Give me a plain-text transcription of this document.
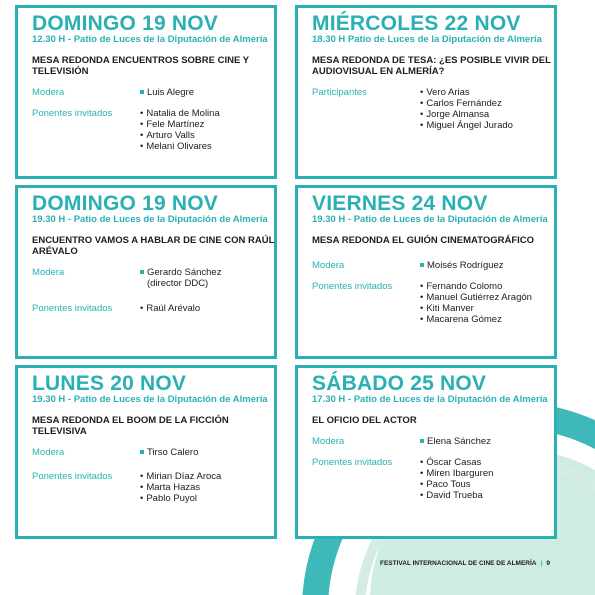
DOMINGO 19 NOV
12.30 H - Patio de Luces de la Diputación de Almería
MESA REDONDA ENCUENTROS SOBRE CINE Y TELEVISIÓN
Modera	Luis Alegre
Ponentes invitados	• Natalia de Molina
• Fele Martínez
• Arturo Valls
• Melani Olivares
MIÉRCOLES 22 NOV
18.30 H Patio de Luces de la Diputación de Almería
MESA REDONDA DE TESA: ¿ES POSIBLE VIVIR DEL AUDIOVISUAL EN ALMERÍA?
Participantes	• Vero Arias
• Carlos Fernández
• Jorge Almansa
• Miguel Ángel Jurado
DOMINGO 19 NOV
19.30 H - Patio de Luces de la Diputación de Almería
ENCUENTRO VAMOS A HABLAR DE CINE CON RAÚL ARÉVALO
Modera	Gerardo Sánchez
(director DDC)
Ponentes invitados	• Raúl Arévalo
VIERNES 24 NOV
19.30 H - Patio de Luces de la Diputación de Almería
MESA REDONDA EL GUIÓN CINEMATOGRÁFICO
Modera	Moisés Rodríguez
Ponentes invitados	• Fernando Colomo
• Manuel Gutiérrez Aragón
• Kiti Manver
• Macarena Gómez
LUNES 20 NOV
19.30 H - Patio de Luces de la Diputación de Almería
MESA REDONDA EL BOOM DE LA FICCIÓN TELEVISIVA
Modera	Tirso Calero
Ponentes invitados	• Mirian Díaz Aroca
• Marta Hazas
• Pablo Puyol
SÁBADO 25 NOV
17.30 H - Patio de Luces de la Diputación de Almería
EL OFICIO DEL ACTOR
Modera	Elena Sánchez
Ponentes invitados	• Óscar Casas
• Miren Ibarguren
• Paco Tous
• David Trueba
FESTIVAL INTERNACIONAL DE CINE DE ALMERÍA | 9
